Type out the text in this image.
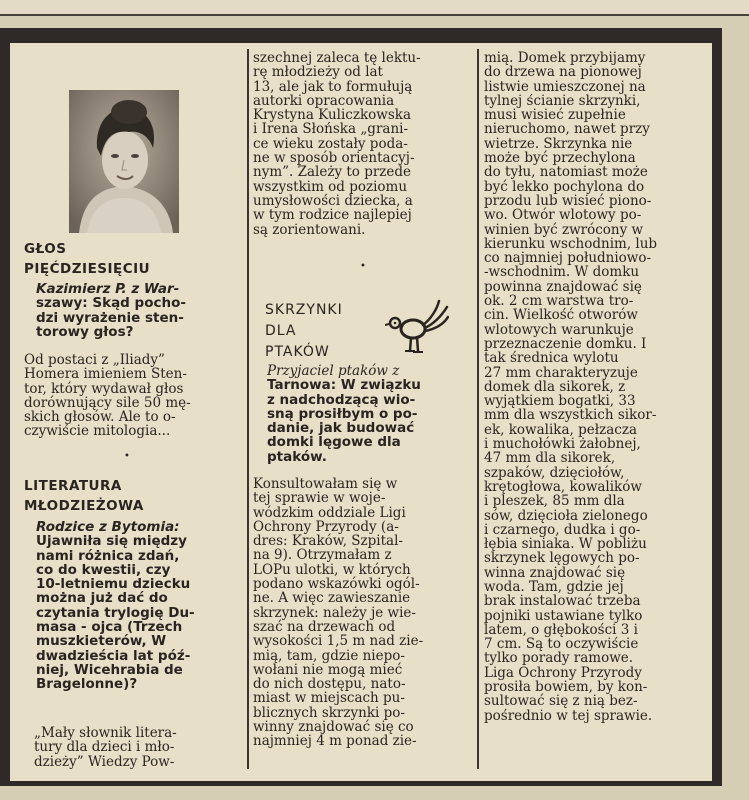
GŁOS
PIĘĆDZIESIĘCIU
Kazimierz P. z War-
szawy: Skąd pocho-
dzi wyrażenie sten-
torowy głos?
Od postaci z „Iliady”
Homera imieniem Sten-
tor, który wydawał głos
dorównujący sile 50 mę-
skich głosów. Ale to o-
czywiście mitologia...
•
LITERATURA
MŁODZIEŻOWA
Rodzice z Bytomia:
Ujawniła się między
nami różnica zdań,
co do kwestii, czy
10-letniemu dziecku
można już dać do
czytania trylogię Du-
masa - ojca (Trzech
muszkieterów, W
dwadzieścia lat póź-
niej, Wicehrabia de
Bragelonne)?
„Mały słownik litera-
tury dla dzieci i mło-
dzieży” Wiedzy Pow-
szechnej zaleca tę lektu-
rę młodzieży od lat
13, ale jak to formułują
autorki opracowania
Krystyna Kuliczkowska
i Irena Słońska „grani-
ce wieku zostały poda-
ne w sposób orientacyj-
nym”. Zależy to przede
wszystkim od poziomu
umysłowości dziecka, a
w tym rodzice najlepiej
są zorientowani.
•
SKRZYNKI
DLA
PTAKÓW
Przyjaciel ptaków z
Tarnowa: W związku
z nadchodzącą wio-
sną prosiłbym o po-
danie, jak budować
domki lęgowe dla
ptaków.
Konsultowałam się w
tej sprawie w woje-
wódzkim oddziale Ligi
Ochrony Przyrody (a-
dres: Kraków, Szpital-
na 9). Otrzymałam z
LOPu ulotki, w których
podano wskazówki ogól-
ne. A więc zawieszanie
skrzynek: należy je wie-
szać na drzewach od
wysokości 1,5 m nad zie-
mią, tam, gdzie niepo-
wołani nie mogą mieć
do nich dostępu, nato-
miast w miejscach pu-
blicznych skrzynki po-
winny znajdować się co
najmniej 4 m ponad zie-
mią. Domek przybijamy
do drzewa na pionowej
listwie umieszczonej na
tylnej ścianie skrzynki,
musi wisieć zupełnie
nieruchomo, nawet przy
wietrze. Skrzynka nie
może być przechylona
do tyłu, natomiast może
być lekko pochylona do
przodu lub wisieć piono-
wo. Otwór wlotowy po-
winien być zwrócony w
kierunku wschodnim, lub
co najmniej południowo-
-wschodnim. W domku
powinna znajdować się
ok. 2 cm warstwa tro-
cin. Wielkość otworów
wlotowych warunkuje
przeznaczenie domku. I
tak średnica wylotu
27 mm charakteryzuje
domek dla sikorek, z
wyjątkiem bogatki, 33
mm dla wszystkich sikor-
ek, kowalika, pełzacza
i muchołówki żałobnej,
47 mm dla sikorek,
szpaków, dzięciołów,
krętogłowa, kowalików
i pleszek, 85 mm dla
sów, dzięcioła zielonego
i czarnego, dudka i go-
łębia siniaka. W pobliżu
skrzynek lęgowych po-
winna znajdować się
woda. Tam, gdzie jej
brak instalować trzeba
pojniki ustawiane tylko
latem, o głębokości 3 i
7 cm. Są to oczywiście
tylko porady ramowe.
Liga Ochrony Przyrody
prosiła bowiem, by kon-
sultować się z nią bez-
pośrednio w tej sprawie.
